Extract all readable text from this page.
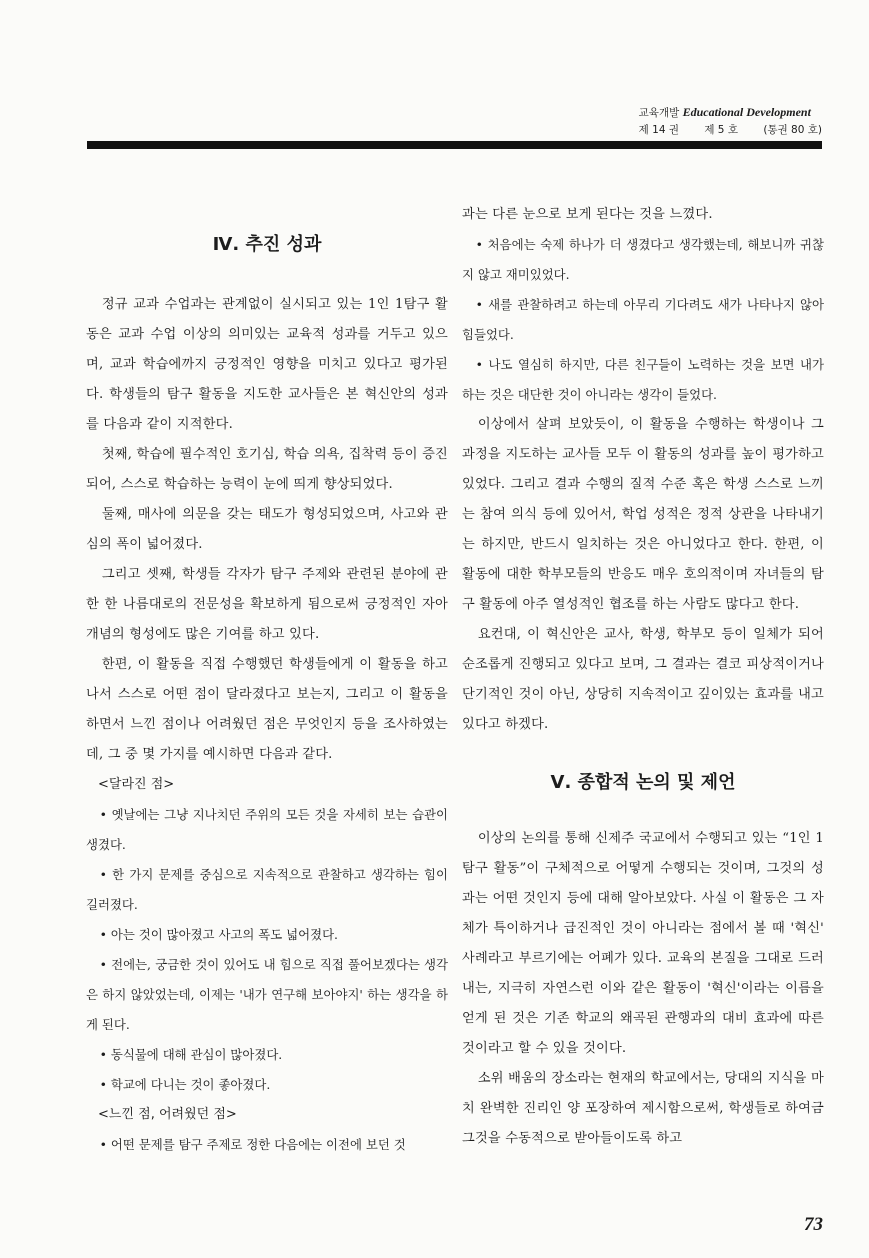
교육개발 Educational Development
제 14 권 제 5 호 (통권 80 호)
Ⅳ. 추진 성과

정규 교과 수업과는 관계없이 실시되고 있는 1인 1탐구 활동은 교과 수업 이상의 의미있는 교육적 성과를 거두고 있으며, 교과 학습에까지 긍정적인 영향을 미치고 있다고 평가된다. 학생들의 탐구 활동을 지도한 교사들은 본 혁신안의 성과를 다음과 같이 지적한다.

첫째, 학습에 필수적인 호기심, 학습 의욕, 집착력 등이 증진되어, 스스로 학습하는 능력이 눈에 띄게 향상되었다.

둘째, 매사에 의문을 갖는 태도가 형성되었으며, 사고와 관심의 폭이 넓어졌다.

그리고 셋째, 학생들 각자가 탐구 주제와 관련된 분야에 관한 한 나름대로의 전문성을 확보하게 됨으로써 긍정적인 자아개념의 형성에도 많은 기여를 하고 있다.

한편, 이 활동을 직접 수행했던 학생들에게 이 활동을 하고 나서 스스로 어떤 점이 달라졌다고 보는지, 그리고 이 활동을 하면서 느낀 점이나 어려웠던 점은 무엇인지 등을 조사하였는데, 그 중 몇 가지를 예시하면 다음과 같다.

<달라진 점>

• 옛날에는 그냥 지나치던 주위의 모든 것을 자세히 보는 습관이 생겼다.

• 한 가지 문제를 중심으로 지속적으로 관찰하고 생각하는 힘이 길러졌다.

• 아는 것이 많아졌고 사고의 폭도 넓어졌다.

• 전에는, 궁금한 것이 있어도 내 힘으로 직접 풀어보겠다는 생각은 하지 않았었는데, 이제는 '내가 연구해 보아야지' 하는 생각을 하게 된다.

• 동식물에 대해 관심이 많아졌다.

• 학교에 다니는 것이 좋아졌다.

<느낀 점, 어려웠던 점>

• 어떤 문제를 탐구 주제로 정한 다음에는 이전에 보던 것

과는 다른 눈으로 보게 된다는 것을 느꼈다.

• 처음에는 숙제 하나가 더 생겼다고 생각했는데, 해보니까 귀찮지 않고 재미있었다.

• 새를 관찰하려고 하는데 아무리 기다려도 새가 나타나지 않아 힘들었다.

• 나도 열심히 하지만, 다른 친구들이 노력하는 것을 보면 내가 하는 것은 대단한 것이 아니라는 생각이 들었다.

이상에서 살펴 보았듯이, 이 활동을 수행하는 학생이나 그 과정을 지도하는 교사들 모두 이 활동의 성과를 높이 평가하고 있었다. 그리고 결과 수행의 질적 수준 혹은 학생 스스로 느끼는 참여 의식 등에 있어서, 학업 성적은 정적 상관을 나타내기는 하지만, 반드시 일치하는 것은 아니었다고 한다. 한편, 이 활동에 대한 학부모들의 반응도 매우 호의적이며 자녀들의 탐구 활동에 아주 열성적인 협조를 하는 사람도 많다고 한다.

요컨대, 이 혁신안은 교사, 학생, 학부모 등이 일체가 되어 순조롭게 진행되고 있다고 보며, 그 결과는 결코 피상적이거나 단기적인 것이 아닌, 상당히 지속적이고 깊이있는 효과를 내고 있다고 하겠다.

Ⅴ. 종합적 논의 및 제언

이상의 논의를 통해 신제주 국교에서 수행되고 있는 “1인 1탐구 활동”이 구체적으로 어떻게 수행되는 것이며, 그것의 성과는 어떤 것인지 등에 대해 알아보았다. 사실 이 활동은 그 자체가 특이하거나 급진적인 것이 아니라는 점에서 볼 때 '혁신' 사례라고 부르기에는 어폐가 있다. 교육의 본질을 그대로 드러내는, 지극히 자연스런 이와 같은 활동이 '혁신'이라는 이름을 얻게 된 것은 기존 학교의 왜곡된 관행과의 대비 효과에 따른 것이라고 할 수 있을 것이다.

소위 배움의 장소라는 현재의 학교에서는, 당대의 지식을 마치 완벽한 진리인 양 포장하여 제시함으로써, 학생들로 하여금 그것을 수동적으로 받아들이도록 하고

73
